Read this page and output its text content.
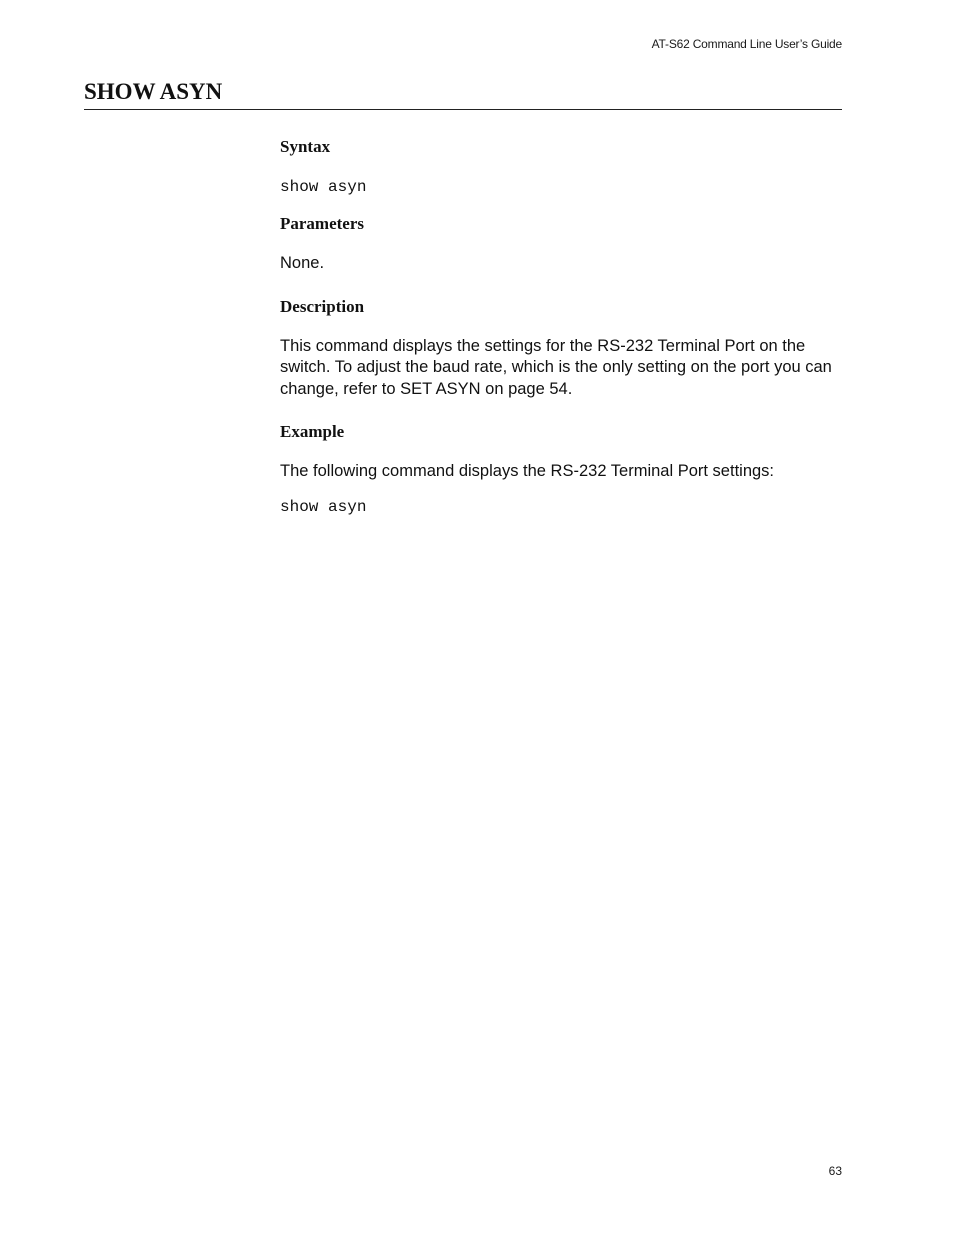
AT-S62 Command Line User’s Guide
SHOW ASYN
Syntax

show asyn

Parameters

None.

Description

This command displays the settings for the RS-232 Terminal Port on the switch. To adjust the baud rate, which is the only setting on the port you can change, refer to SET ASYN on page 54.

Example

The following command displays the RS-232 Terminal Port settings:

show asyn

63
